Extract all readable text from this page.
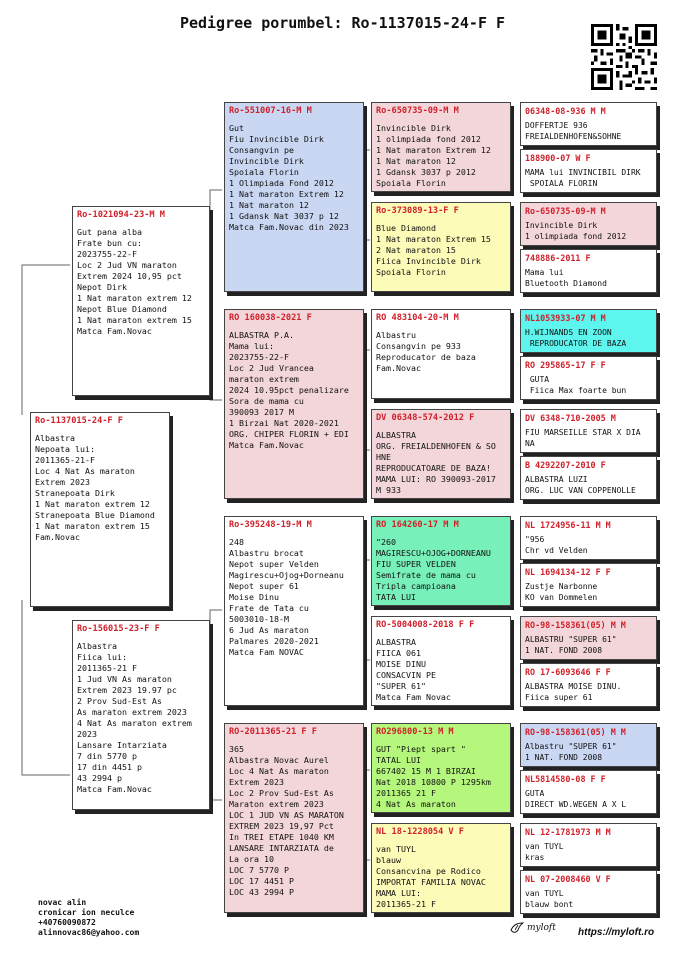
Pedigree porumbel: Ro-1137015-24-F F
Ro-1137015-24-F F
Albastra
Nepoata lui:
2011365-21-F
Loc 4 Nat As maraton
Extrem 2023
Stranepoata Dirk
1 Nat maraton extrem 12
Stranepoata Blue Diamond
1 Nat maraton extrem 15
Fam.Novac
Ro-1021094-23-M M
Gut pana alba
Frate bun cu:
2023755-22-F
Loc 2 Jud VN maraton
Extrem 2024 10,95 pct
Nepot Dirk
1 Nat maraton extrem 12
Nepot Blue Diamond
1 Nat maraton extrem 15
Matca Fam.Novac
Ro-156015-23-F F
Albastra
Fiica lui:
2011365-21 F
1 Jud VN As maraton
Extrem 2023 19.97 pc
2 Prov Sud-Est As
As maraton extrem 2023
4 Nat As maraton extrem
2023
Lansare Intarziata
7 din 5770 p
17 din 4451 p
43 2994 p
Matca Fam.Novac
Ro-551007-16-M M
Gut
Fiu Invincible Dirk
Consangvin pe
Invincible Dirk
Spoiala Florin
1 Olimpiada Fond 2012
1 Nat maraton Extrem 12
1 Nat maraton 12
1 Gdansk Nat 3037 p 12
Matca Fam.Novac din 2023
RO 160038-2021 F
ALBASTRA P.A.
Mama lui:
2023755-22-F
Loc 2 Jud Vrancea
maraton extrem
2024 10.95pct penalizare
Sora de mama cu
390093 2017 M
1 Birzai Nat 2020-2021
ORG. CHIPER FLORIN + EDI
Matca Fam.Novac
Ro-395248-19-M M
248
Albastru brocat
Nepot super Velden
Magirescu+Ojog+Dorneanu
Nepot super 61
Moise Dinu
Frate de Tata cu
5003010-18-M
6 Jud As maraton
Palmares 2020-2021
Matca Fam NOVAC
RO-2011365-21 F F
365
Albastra Novac Aurel
Loc 4 Nat As maraton
Extrem 2023
Loc 2 Prov Sud-Est As
Maraton extrem 2023
LOC 1 JUD VN AS MARATON
EXTREM 2023 19,97 Pct
In TREI ETAPE 1040 KM
LANSARE INTARZIATA de
La ora 10
LOC 7 5770 P
LOC 17 4451 P
LOC 43 2994 P
Ro-650735-09-M M
Invincible Dirk
1 olimpiada fond 2012
1 Nat maraton Extrem 12
1 Nat maraton 12
1 Gdansk 3037 p 2012
Spoiala Florin
Ro-373089-13-F F
Blue Diamond
1 Nat maraton Extrem 15
2 Nat maraton 15
Fiica Invincible Dirk
Spoiala Florin
RO 483104-20-M M
Albastru
Consangvin pe 933
Reproducator de baza
Fam.Novac
DV 06348-574-2012 F
ALBASTRA
ORG. FREIALDENHOFEN & SO
HNE
REPRODUCATOARE DE BAZA!
MAMA LUI: RO 390093-2017
M 933
RO 164260-17 M M
"260
MAGIRESCU+OJOG+DORNEANU
FIU SUPER VELDEN
Semifrate de mama cu
Tripla campioana
TATA LUI
RO-5004008-2018 F F
ALBASTRA
FIICA 061
MOISE DINU
CONSACVIN PE
"SUPER 61"
Matca Fam Novac
RO296800-13 M M
GUT "Piept spart "
TATAL LUI
667402 15 M 1 BIRZAI
Nat 2018 10800 P 1295km
2011365 21 F
4 Nat As maraton
NL 18-1228054 V F
van TUYL
blauw
Consancvina pe Rodico
IMPORTAT FAMILIA NOVAC
MAMA LUI:
2011365-21 F
06348-08-936 M M
DOFFERTJE 936
FREIALDENHOFEN&SOHNE
188900-07 W F
MAMA lui INVINCIBIL DIRK
SPOIALA FLORIN
Ro-650735-09-M M
Invincible Dirk
1 olimpiada fond 2012
748886-2011 F
Mama lui
Bluetooth Diamond
NL1053933-07 M M
H.WIJNANDS EN ZOON
REPRODUCATOR DE BAZA
RO 295865-17 F F
GUTA
Fiica Max foarte bun
DV 6348-710-2005 M
FIU MARSEILLE STAR X DIA
NA
B 4292207-2010 F
ALBASTRA LUZI
ORG. LUC VAN COPPENOLLE
NL 1724956-11 M M
"956
Chr vd Velden
NL 1694134-12 F F
Zustje Narbonne
KO van Dommelen
RO-98-158361(05) M M
ALBASTRU "SUPER 61"
1 NAT. FOND 2008
RO 17-6093646 F F
ALBASTRA MOISE DINU.
Fiica super 61
RO-98-158361(05) M M
Albastru "SUPER 61"
1 NAT. FOND 2008
NL5814580-08 F F
GUTA
DIRECT WD.WEGEN A X L
NL 12-1781973 M M
van TUYL
kras
NL 07-2008460 V F
van TUYL
blauw bont
novac alin
cronicar ion neculce
+40760090872
alinnovac86@yahoo.com	myloft https://myloft.ro
